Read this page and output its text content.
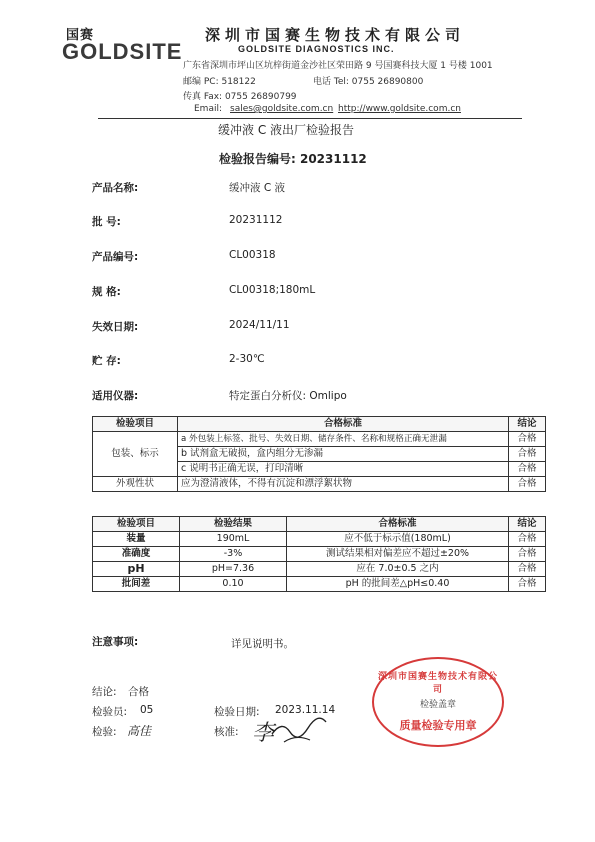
国赛
GOLDSITE
深圳市国赛生物技术有限公司
GOLDSITE DIAGNOSTICS INC.
广东省深圳市坪山区坑梓街道金沙社区荣田路 9 号国赛科技大厦 1 号楼 1001
邮编 PC: 518122	电话 Tel: 0755 26890800
传真 Fax: 0755 26890799
Email: sales@goldsite.com.cn http://www.goldsite.com.cn
缓冲液 C 液出厂检验报告
检验报告编号: 20231112
产品名称:	缓冲液 C 液
批 号:	20231112
产品编号:	CL00318
规 格:	CL00318;180mL
失效日期:	2024/11/11
贮 存:	2-30℃
适用仪器:	特定蛋白分析仪: Omlipo
检验项目	合格标准	结论
包装、标示	a 外包装上标签、批号、失效日期、储存条件、名称和规格正确无泄漏	合格
	b 试剂盒无破损，盒内组分无渗漏	合格
	c 说明书正确无误，打印清晰	合格
外观性状	应为澄清液体，不得有沉淀和漂浮絮状物	合格
检验项目	检验结果	合格标准	结论
装量	190mL	应不低于标示值(180mL)	合格
准确度	-3%	测试结果相对偏差应不超过±20%	合格
pH	pH=7.36	应在 7.0±0.5 之内	合格
批间差	0.10	pH 的批间差△pH≤0.40	合格
注意事项:	详见说明书。
结论: 合格
检验员: 05
检验: 高佳
检验日期: 2023.11.14
核准: 李
深圳市国赛生物技术有限公司
检验盖章
质量检验专用章
